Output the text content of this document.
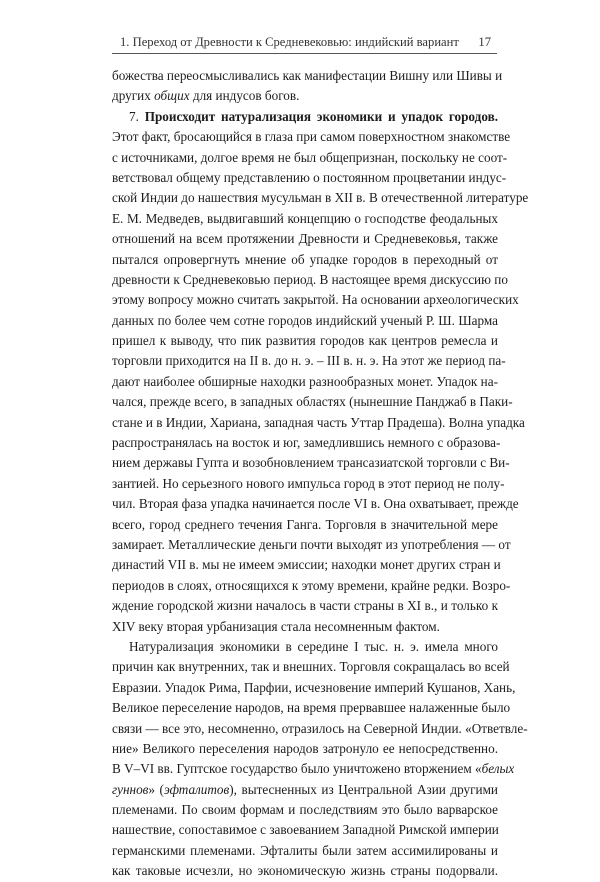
1. Переход от Древности к Средневековью: индийский вариант 17
божества переосмысливались как манифестации Вишну или Шивы и
других общих для индусов богов.
7. Происходит натурализация экономики и упадок городов.
Этот факт, бросающийся в глаза при самом поверхностном знакомстве
с источниками, долгое время не был общепризнан, поскольку не соот-
ветствовал общему представлению о постоянном процветании индус-
ской Индии до нашествия мусульман в XII в. В отечественной литературе
Е. М. Медведев, выдвигавший концепцию о господстве феодальных
отношений на всем протяжении Древности и Средневековья, также
пытался опровергнуть мнение об упадке городов в переходный от
древности к Средневековью период. В настоящее время дискуссию по
этому вопросу можно считать закрытой. На основании археологических
данных по более чем сотне городов индийский ученый Р. Ш. Шарма
пришел к выводу, что пик развития городов как центров ремесла и
торговли приходится на II в. до н. э. – III в. н. э. На этот же период па-
дают наиболее обширные находки разнообразных монет. Упадок на-
чался, прежде всего, в западных областях (нынешние Панджаб в Паки-
стане и в Индии, Хариана, западная часть Уттар Прадеша). Волна упадка
распространялась на восток и юг, замедлившись немного с образова-
нием державы Гупта и возобновлением трансазиатской торговли с Ви-
зантией. Но серьезного нового импульса город в этот период не полу-
чил. Вторая фаза упадка начинается после VI в. Она охватывает, прежде
всего, город среднего течения Ганга. Торговля в значительной мере
замирает. Металлические деньги почти выходят из употребления — от
династий VII в. мы не имеем эмиссии; находки монет других стран и
периодов в слоях, относящихся к этому времени, крайне редки. Возро-
ждение городской жизни началось в части страны в XI в., и только к
XIV веку вторая урбанизация стала несомненным фактом.
Натурализация экономики в середине I тыс. н. э. имела много
причин как внутренних, так и внешних. Торговля сокращалась во всей
Евразии. Упадок Рима, Парфии, исчезновение империй Кушанов, Хань,
Великое переселение народов, на время прервавшее налаженные было
связи — все это, несомненно, отразилось на Северной Индии. «Ответвле-
ние» Великого переселения народов затронуло ее непосредственно.
В V–VI вв. Гуптское государство было уничтожено вторжением «белых
гуннов» (эфталитов), вытесненных из Центральной Азии другими
племенами. По своим формам и последствиям это было варварское
нашествие, сопоставимое с завоеванием Западной Римской империи
германскими племенами. Эфталиты были затем ассимилированы и
как таковые исчезли, но экономическую жизнь страны подорвали.
